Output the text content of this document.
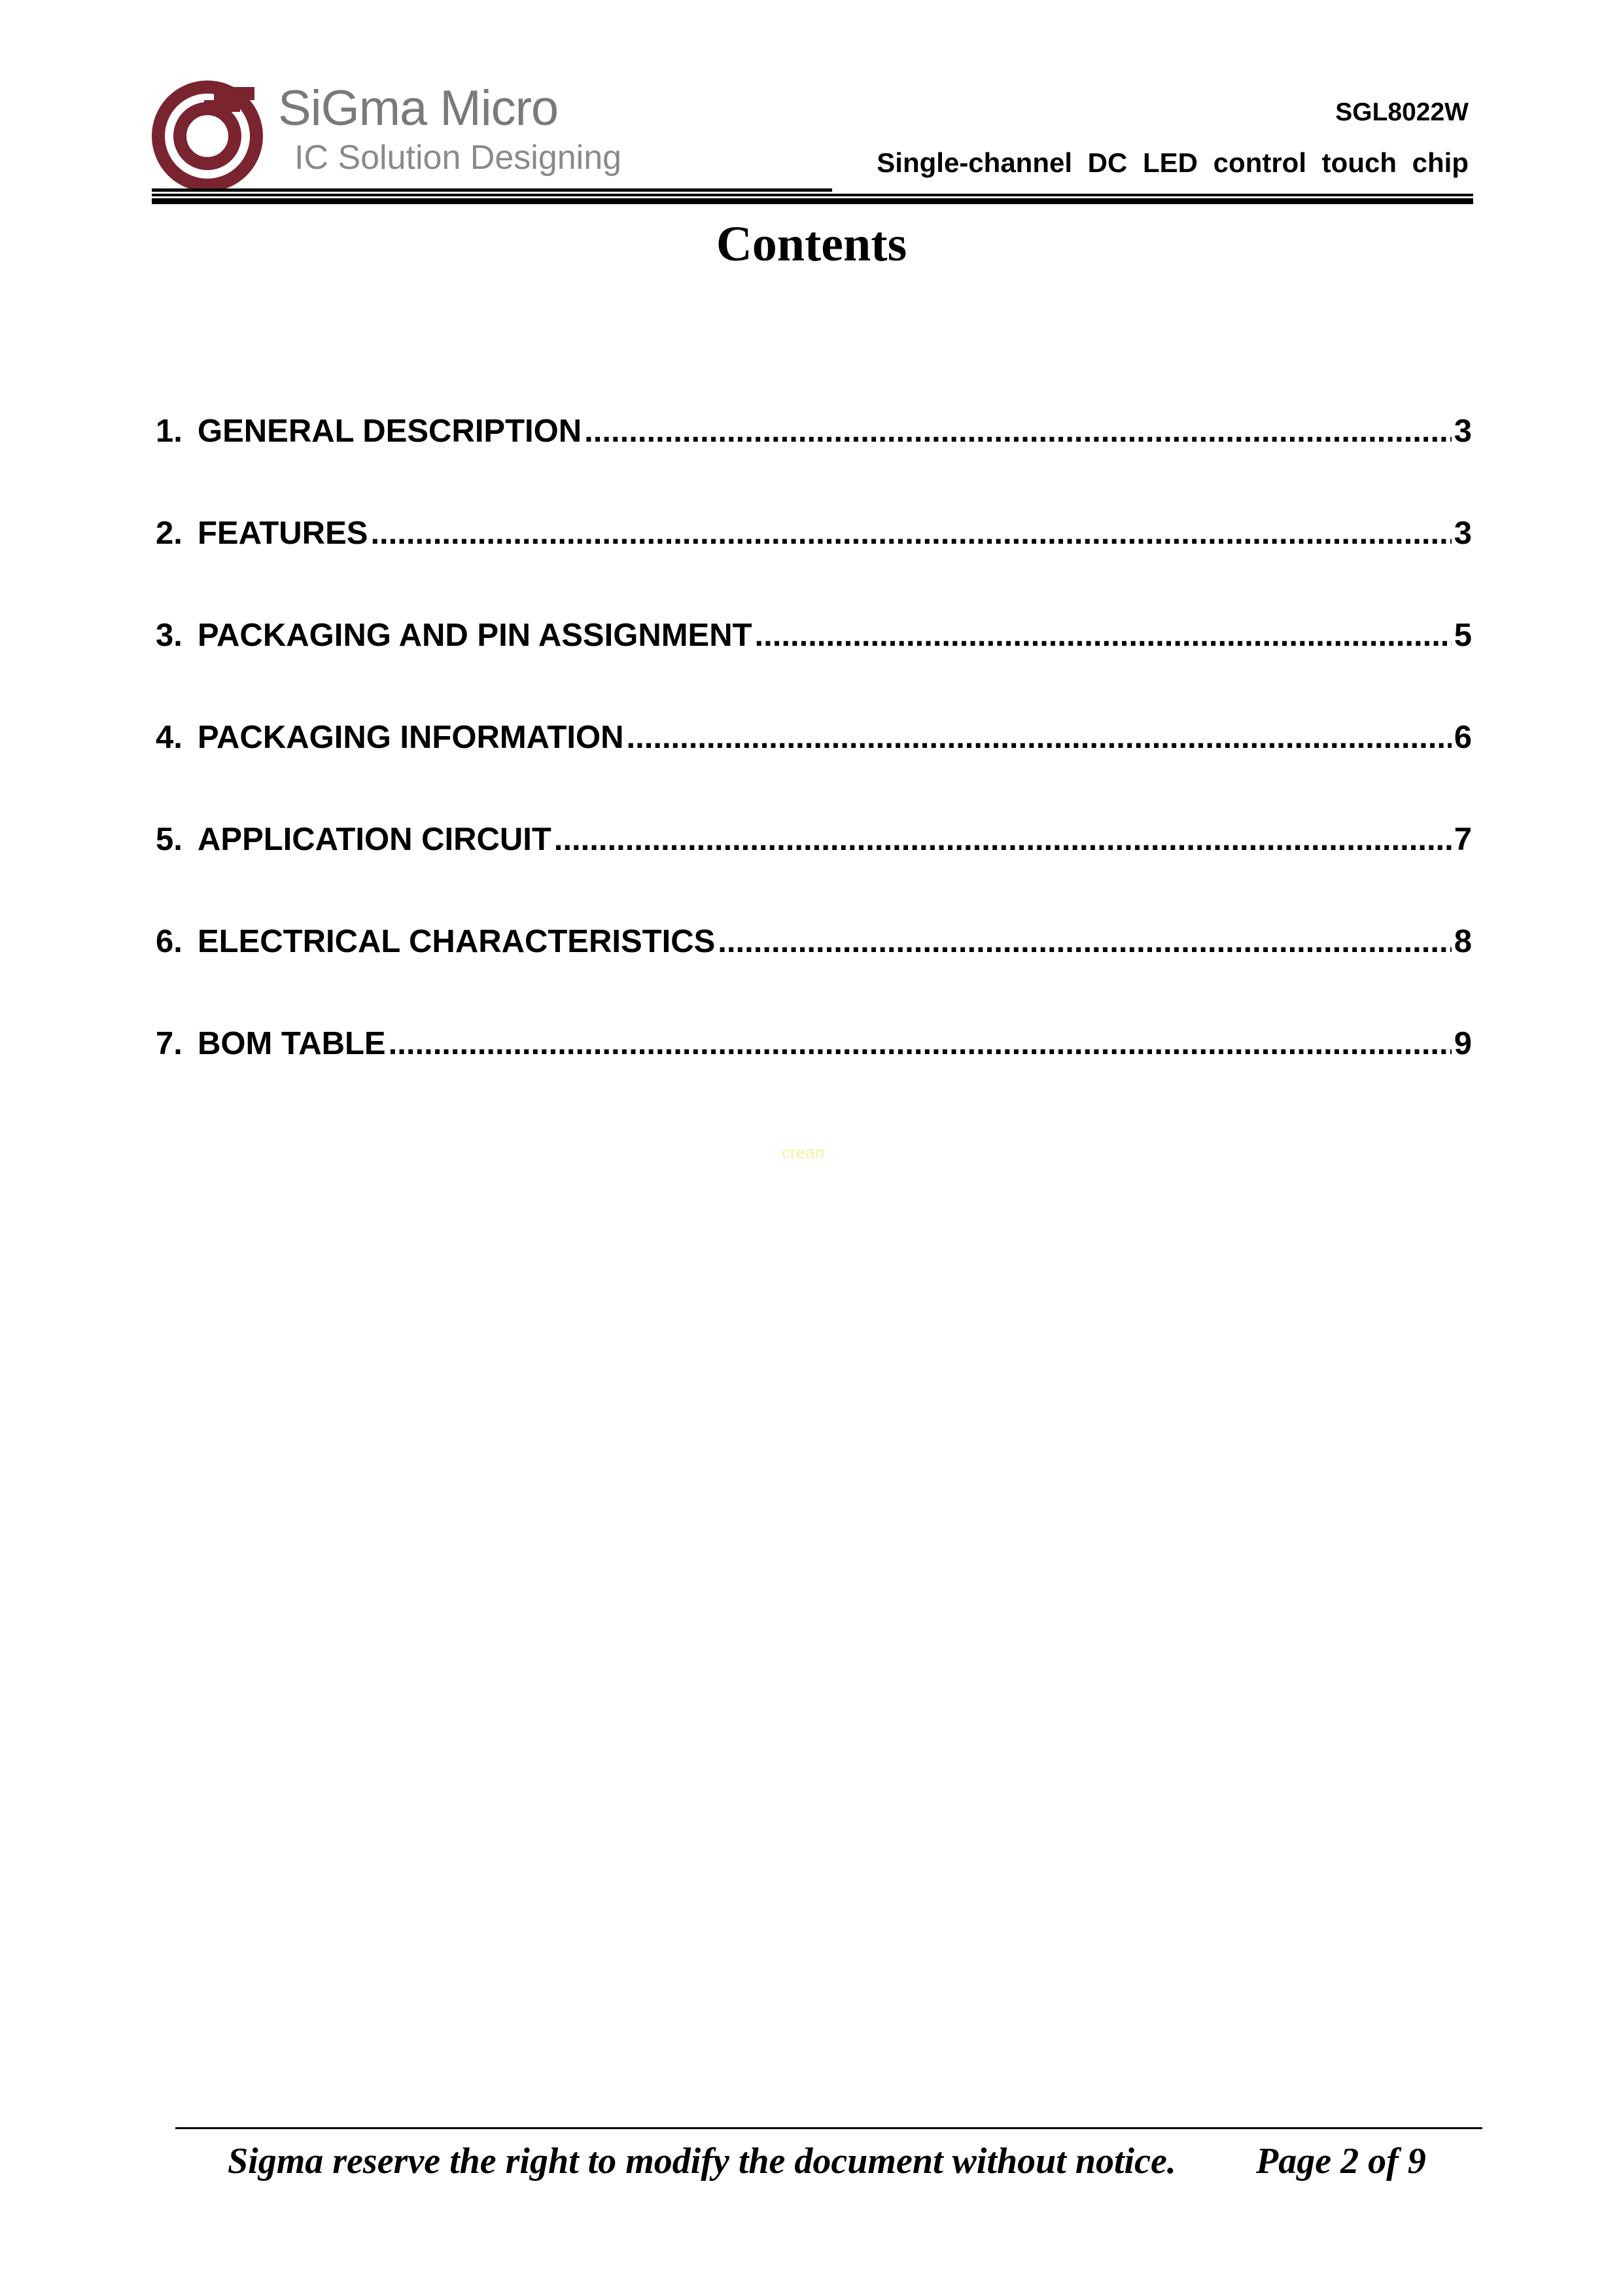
SiGma Micro
IC Solution Designing
SGL8022W
Single-channel DC LED control touch chip
Contents
1. GENERAL DESCRIPTION .....	3
2. FEATURES .....	3
3. PACKAGING AND PIN ASSIGNMENT .....	5
4. PACKAGING INFORMATION .....	6
5. APPLICATION CIRCUIT .....	7
6. ELECTRICAL CHARACTERISTICS .....	8
7. BOM TABLE .....	9
crean
Sigma reserve the right to modify the document without notice. Page 2 of 9
